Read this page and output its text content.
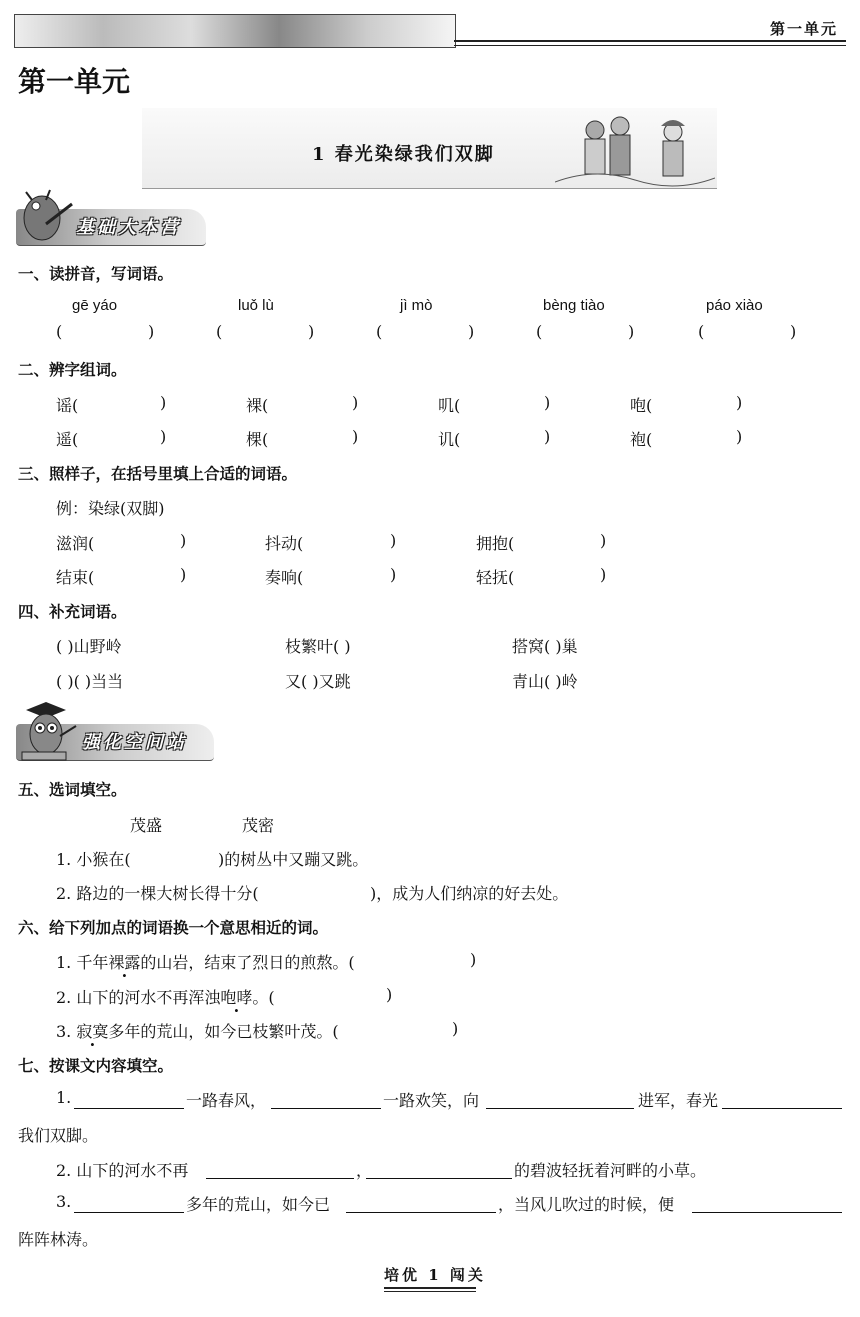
第一单元
第一单元
1 春光染绿我们双脚
基础大本营
一、读拼音，写词语。
gē yáo	luǒ lù	jì mò	bèng tiào	páo xiào
(	)	(	)	(	)	(	)	(	)
二、辨字组词。
谣(	)	裸(	)	叽(	)	咆(	)
遥(	)	棵(	)	讥(	)	袍(	)
三、照样子，在括号里填上合适的词语。
例：染绿(双脚)
滋润(	)	抖动(	)	拥抱(	)
结束(	)	奏响(	)	轻抚(	)
四、补充词语。
( )山野岭	枝繁叶( )	搭窝( )巢
( )( )当当	又( )又跳	青山( )岭
强化空间站
五、选词填空。
茂盛	茂密
1. 小猴在(	)的树丛中又蹦又跳。
2. 路边的一棵大树长得十分(	)，成为人们纳凉的好去处。
六、给下列加点的词语换一个意思相近的词。
1. 千年裸露的山岩，结束了烈日的煎熬。(	)
2. 山下的河水不再浑浊咆哮。(	)
3. 寂寞多年的荒山，如今已枝繁叶茂。(	)
七、按课文内容填空。
1.	一路春风，	一路欢笑，向	进军，春光
我们双脚。
2. 山下的河水不再	，	的碧波轻抚着河畔的小草。
3.	多年的荒山，如今已	，当风儿吹过的时候，便
阵阵林涛。
培优 1 闯关
